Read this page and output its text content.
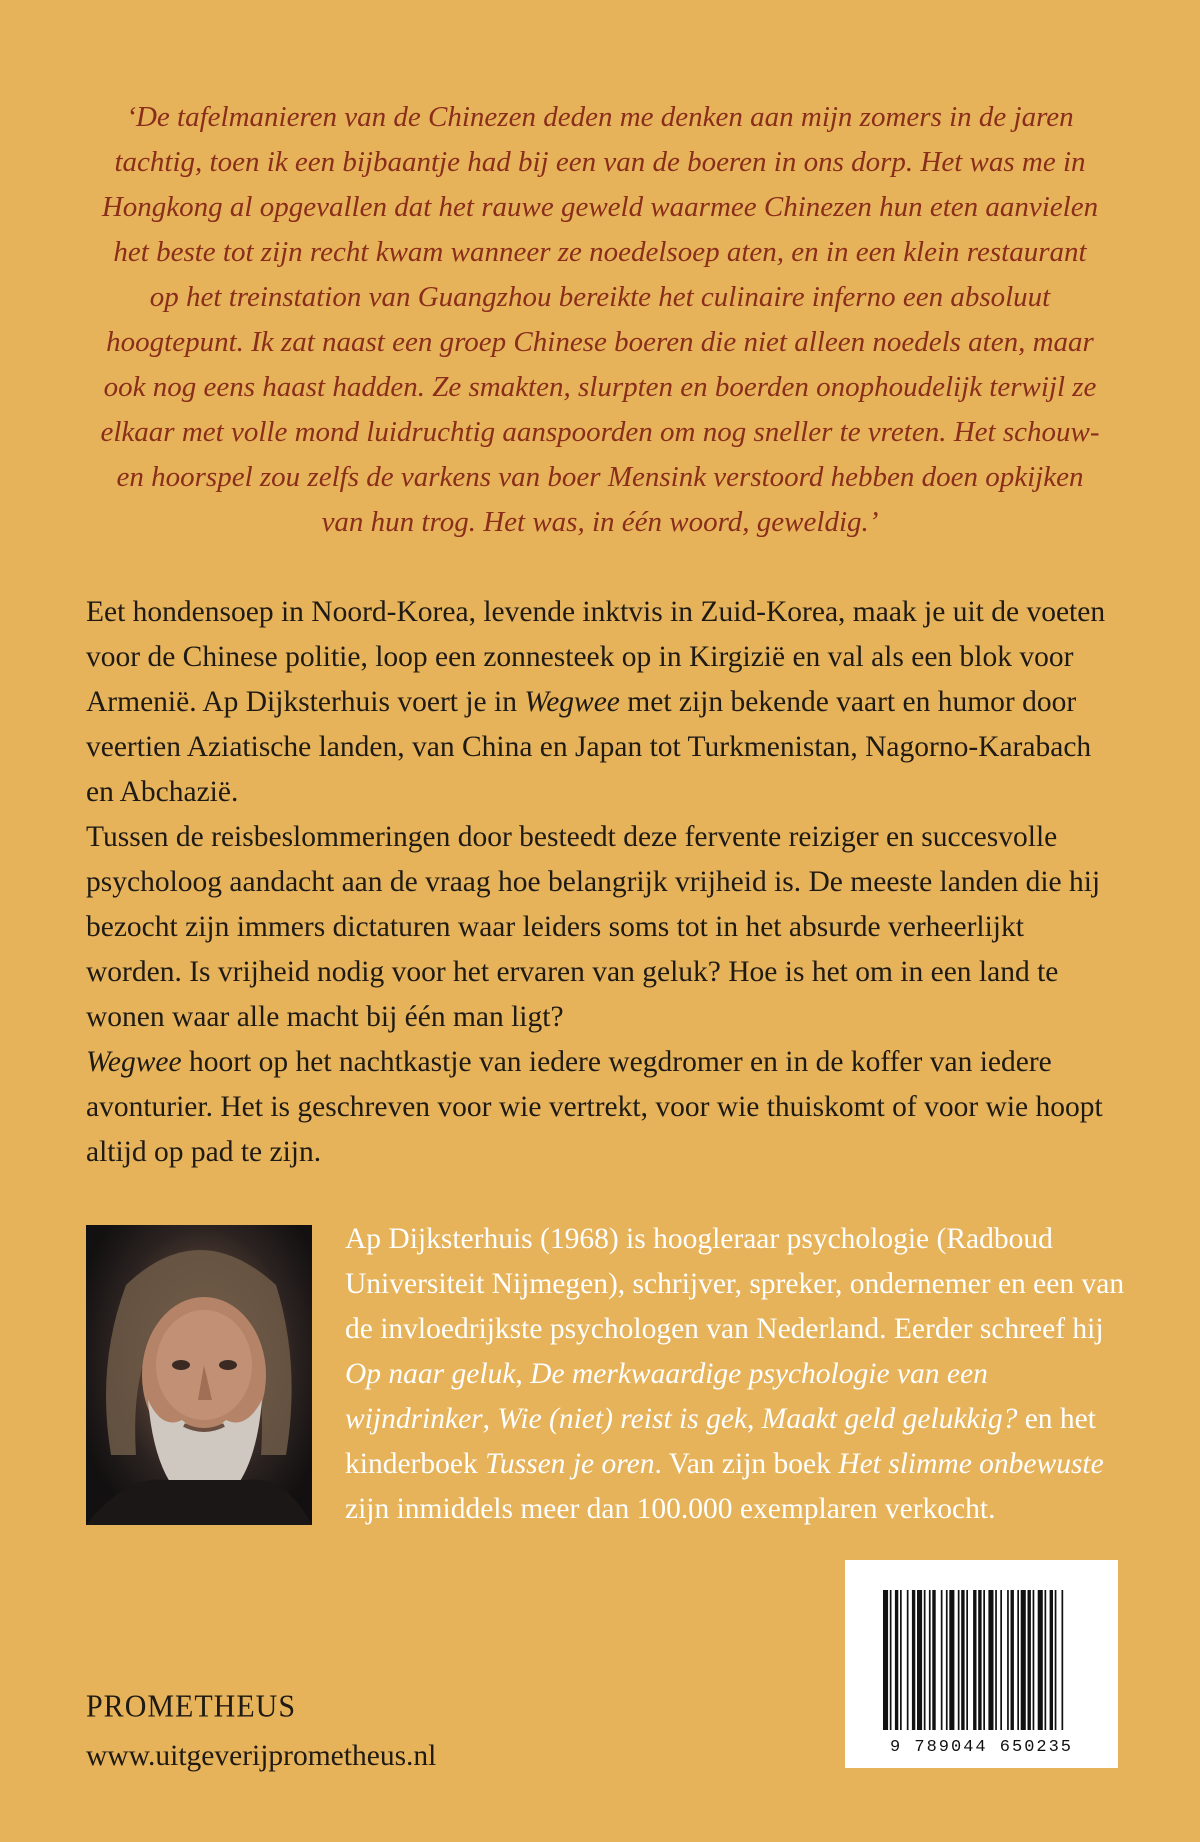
‘De tafelmanieren van de Chinezen deden me denken aan mijn zomers in de jaren tachtig, toen ik een bijbaantje had bij een van de boeren in ons dorp. Het was me in Hongkong al opgevallen dat het rauwe geweld waarmee Chinezen hun eten aanvielen het beste tot zijn recht kwam wanneer ze noedelsoep aten, en in een klein restaurant op het treinstation van Guangzhou bereikte het culinaire inferno een absoluut hoogtepunt. Ik zat naast een groep Chinese boeren die niet alleen noedels aten, maar ook nog eens haast hadden. Ze smakten, slurpten en boerden onophoudelijk terwijl ze elkaar met volle mond luidruchtig aanspoorden om nog sneller te vreten. Het schouw- en hoorspel zou zelfs de varkens van boer Mensink verstoord hebben doen opkijken van hun trog. Het was, in één woord, geweldig.’

Eet hondensoep in Noord-Korea, levende inktvis in Zuid-Korea, maak je uit de voeten voor de Chinese politie, loop een zonnesteek op in Kirgizië en val als een blok voor Armenië. Ap Dijksterhuis voert je in Wegwee met zijn bekende vaart en humor door veertien Aziatische landen, van China en Japan tot Turkmenistan, Nagorno-Karabach en Abchazië.

Tussen de reisbeslommeringen door besteedt deze fervente reiziger en succesvolle psycholoog aandacht aan de vraag hoe belangrijk vrijheid is. De meeste landen die hij bezocht zijn immers dictaturen waar leiders soms tot in het absurde verheerlijkt worden. Is vrijheid nodig voor het ervaren van geluk? Hoe is het om in een land te wonen waar alle macht bij één man ligt?

Wegwee hoort op het nachtkastje van iedere wegdromer en in de koffer van iedere avonturier. Het is geschreven voor wie vertrekt, voor wie thuiskomt of voor wie hoopt altijd op pad te zijn.

Ap Dijksterhuis (1968) is hoogleraar psychologie (Radboud Universiteit Nijmegen), schrijver, spreker, ondernemer en een van de invloedrijkste psychologen van Nederland. Eerder schreef hij Op naar geluk, De merkwaardige psychologie van een wijndrinker, Wie (niet) reist is gek, Maakt geld gelukkig? en het kinderboek Tussen je oren. Van zijn boek Het slimme onbewuste zijn inmiddels meer dan 100.000 exemplaren verkocht.

9 789044 650235
PROMETHEUS
www.uitgeverijprometheus.nl
